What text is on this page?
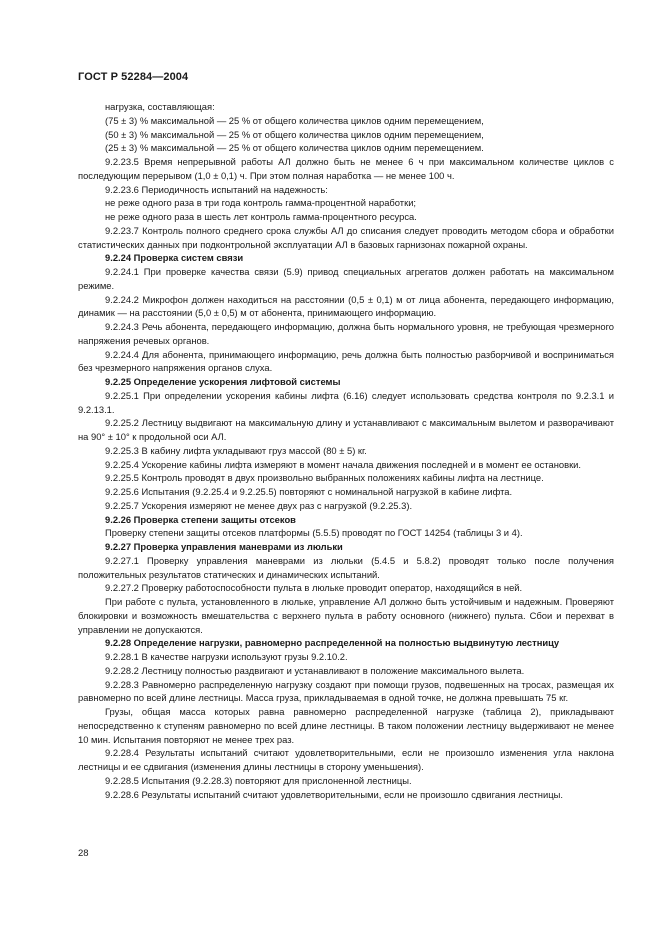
ГОСТ Р 52284—2004

нагрузка, составляющая:

(75 ± 3) % максимальной — 25 % от общего количества циклов одним перемещением,

(50 ± 3) % максимальной — 25 % от общего количества циклов одним перемещением,

(25 ± 3) % максимальной — 25 % от общего количества циклов одним перемещением.

9.2.23.5 Время непрерывной работы АЛ должно быть не менее 6 ч при максимальном количестве циклов с последующим перерывом (1,0 ± 0,1) ч. При этом полная наработка — не менее 100 ч.

9.2.23.6 Периодичность испытаний на надежность:

не реже одного раза в три года контроль гамма-процентной наработки;

не реже одного раза в шесть лет контроль гамма-процентного ресурса.

9.2.23.7 Контроль полного среднего срока службы АЛ до списания следует проводить методом сбора и обработки статистических данных при подконтрольной эксплуатации АЛ в базовых гарнизонах пожарной охраны.

9.2.24 Проверка систем связи

9.2.24.1 При проверке качества связи (5.9) привод специальных агрегатов должен работать на максимальном режиме.

9.2.24.2 Микрофон должен находиться на расстоянии (0,5 ± 0,1) м от лица абонента, передающего информацию, динамик — на расстоянии (5,0 ± 0,5) м от абонента, принимающего информацию.

9.2.24.3 Речь абонента, передающего информацию, должна быть нормального уровня, не требующая чрезмерного напряжения речевых органов.

9.2.24.4 Для абонента, принимающего информацию, речь должна быть полностью разборчивой и восприниматься без чрезмерного напряжения органов слуха.

9.2.25 Определение ускорения лифтовой системы

9.2.25.1 При определении ускорения кабины лифта (6.16) следует использовать средства контроля по 9.2.3.1 и 9.2.13.1.

9.2.25.2 Лестницу выдвигают на максимальную длину и устанавливают с максимальным вылетом и разворачивают на 90° ± 10° к продольной оси АЛ.

9.2.25.3 В кабину лифта укладывают груз массой (80 ± 5) кг.

9.2.25.4 Ускорение кабины лифта измеряют в момент начала движения последней и в момент ее остановки.

9.2.25.5 Контроль проводят в двух произвольно выбранных положениях кабины лифта на лестнице.

9.2.25.6 Испытания (9.2.25.4 и 9.2.25.5) повторяют с номинальной нагрузкой в кабине лифта.

9.2.25.7 Ускорения измеряют не менее двух раз с нагрузкой (9.2.25.3).

9.2.26 Проверка степени защиты отсеков

Проверку степени защиты отсеков платформы (5.5.5) проводят по ГОСТ 14254 (таблицы 3 и 4).

9.2.27 Проверка управления маневрами из люльки

9.2.27.1 Проверку управления маневрами из люльки (5.4.5 и 5.8.2) проводят только после получения положительных результатов статических и динамических испытаний.

9.2.27.2 Проверку работоспособности пульта в люльке проводит оператор, находящийся в ней.

При работе с пульта, установленного в люльке, управление АЛ должно быть устойчивым и надежным. Проверяют блокировки и возможность вмешательства с верхнего пульта в работу основного (нижнего) пульта. Сбои и перехват в управлении не допускаются.

9.2.28 Определение нагрузки, равномерно распределенной на полностью выдвинутую лестницу

9.2.28.1 В качестве нагрузки используют грузы 9.2.10.2.

9.2.28.2 Лестницу полностью раздвигают и устанавливают в положение максимального вылета.

9.2.28.3 Равномерно распределенную нагрузку создают при помощи грузов, подвешенных на тросах, размещая их равномерно по всей длине лестницы. Масса груза, прикладываемая в одной точке, не должна превышать 75 кг.

Грузы, общая масса которых равна равномерно распределенной нагрузке (таблица 2), прикладывают непосредственно к ступеням равномерно по всей длине лестницы. В таком положении лестницу выдерживают не менее 10 мин. Испытания повторяют не менее трех раз.

9.2.28.4 Результаты испытаний считают удовлетворительными, если не произошло изменения угла наклона лестницы и ее сдвигания (изменения длины лестницы в сторону уменьшения).

9.2.28.5 Испытания (9.2.28.3) повторяют для прислоненной лестницы.

9.2.28.6 Результаты испытаний считают удовлетворительными, если не произошло сдвигания лестницы.

28
